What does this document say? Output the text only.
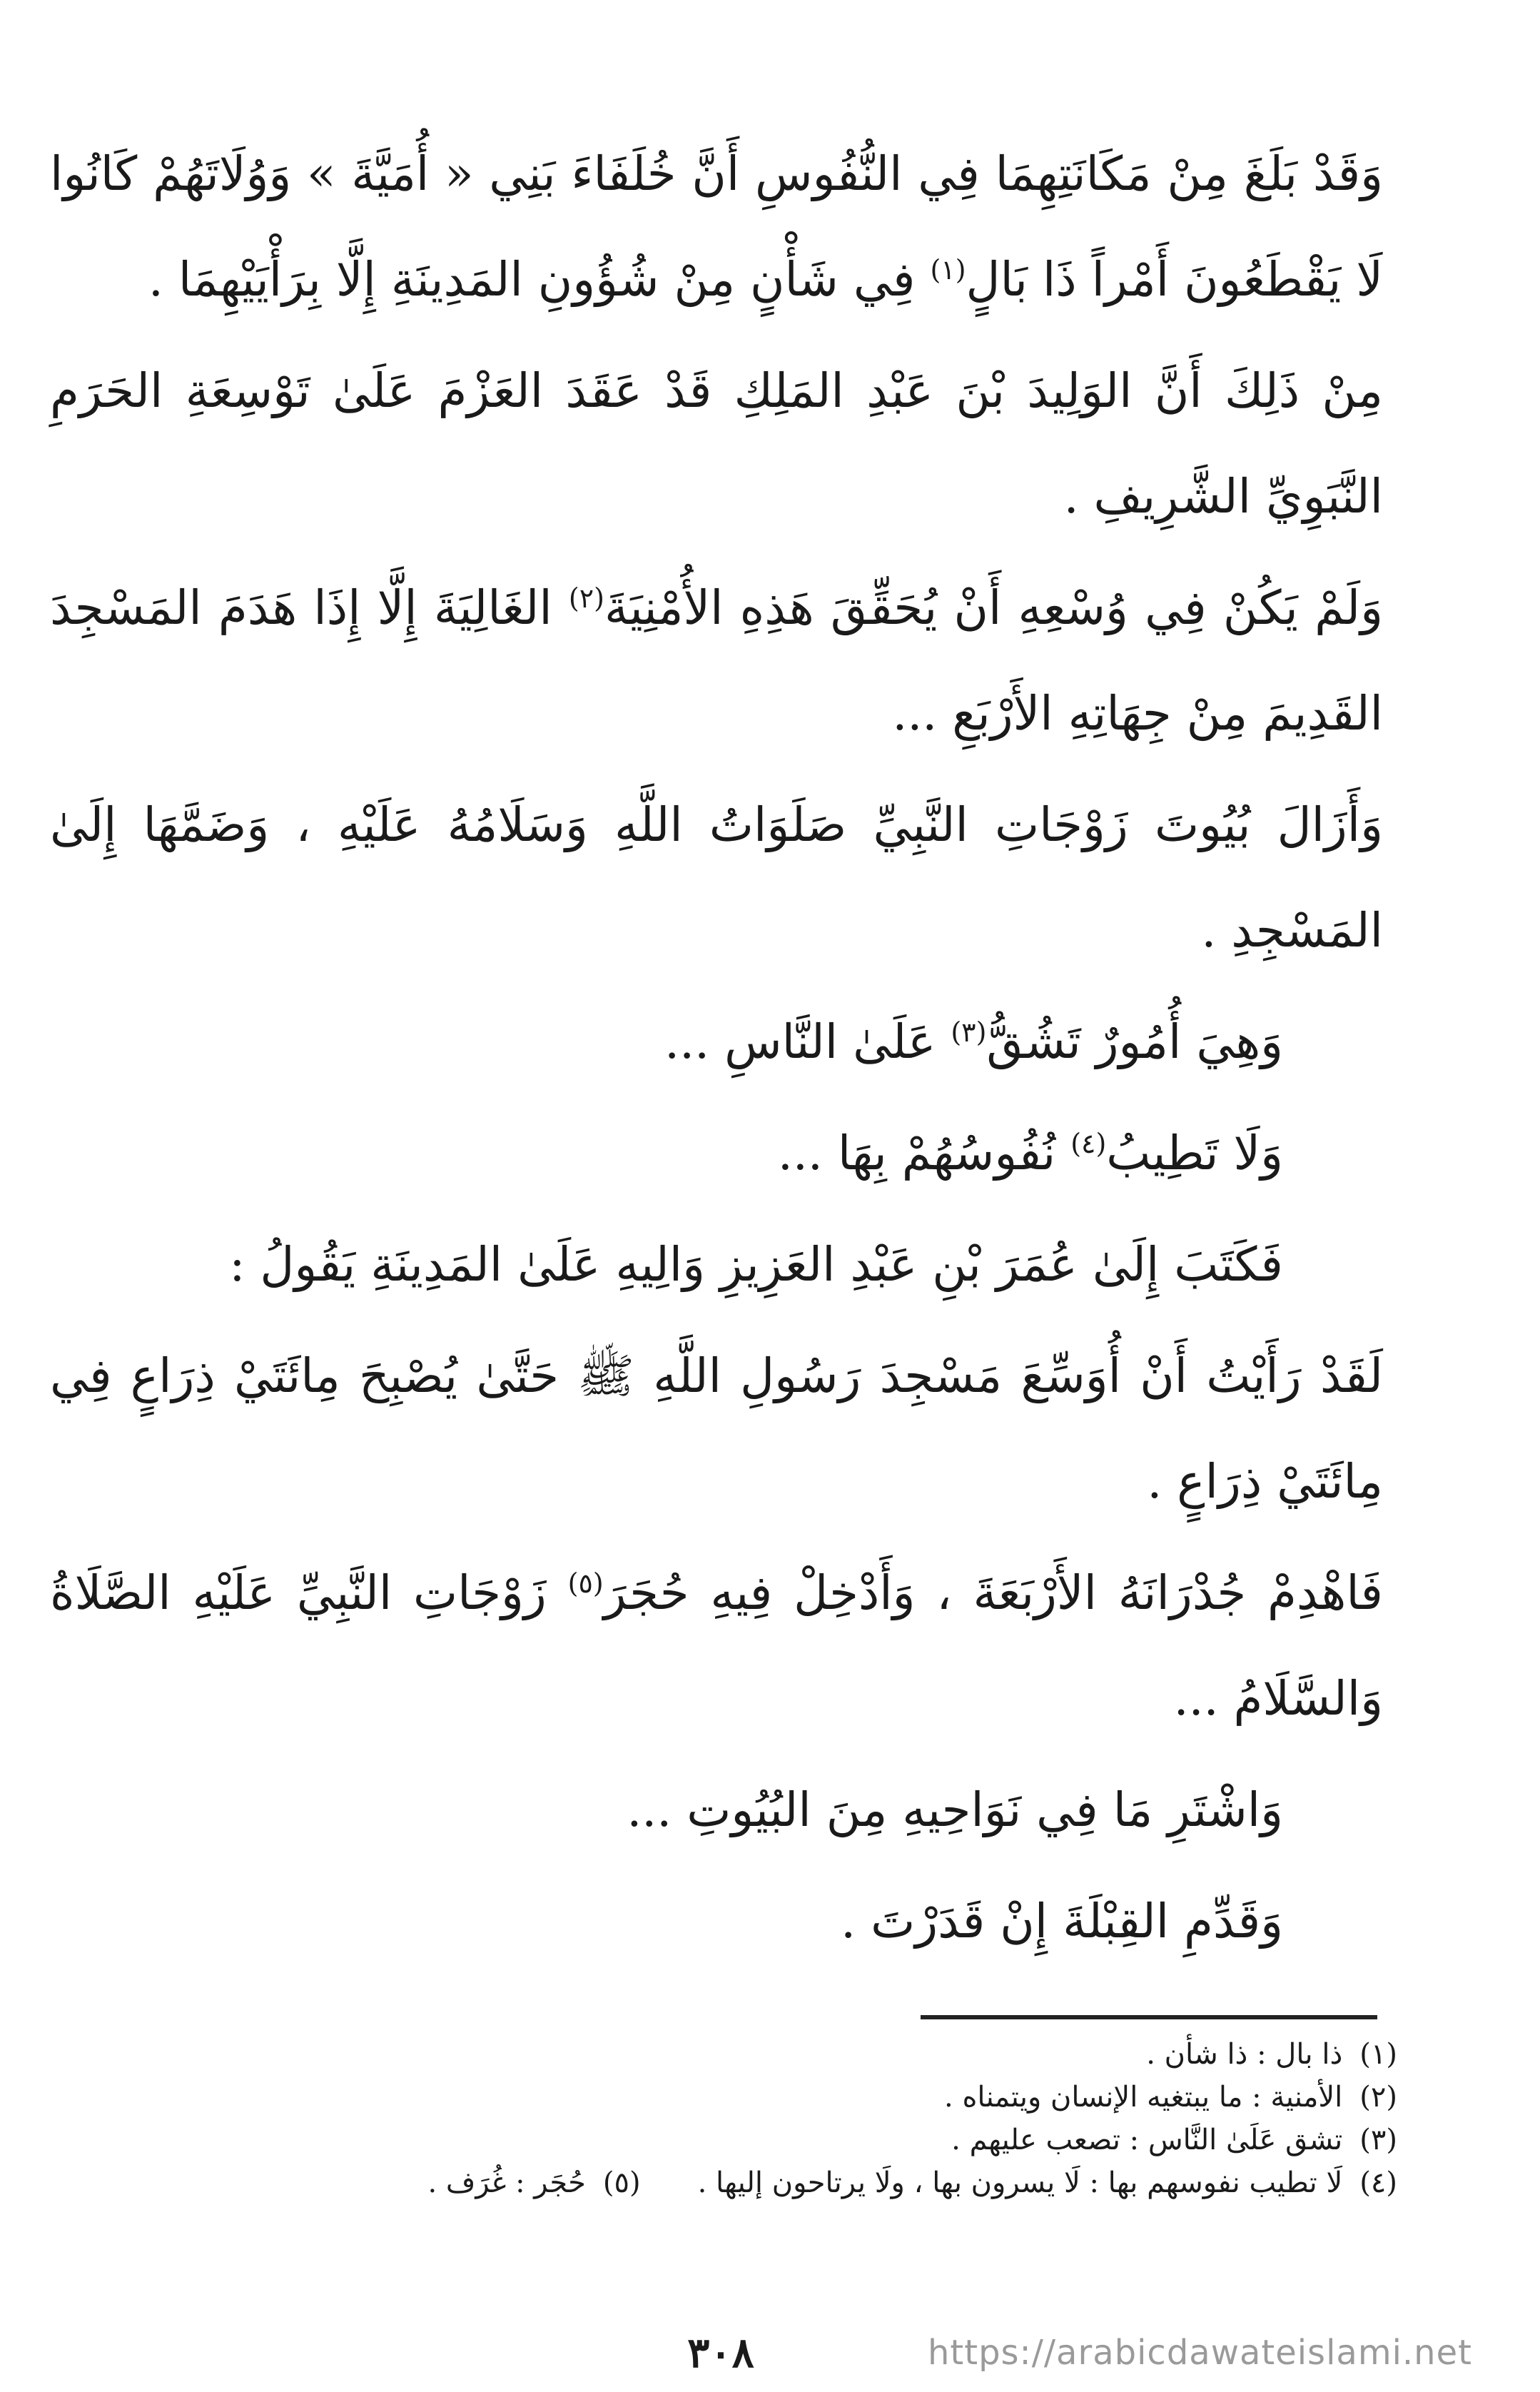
وَقَدْ بَلَغَ مِنْ مَكَانَتِهِمَا فِي النُّفُوسِ أَنَّ خُلَفَاءَ بَنِي « أُمَيَّةَ » وَوُلَاتَهُمْ كَانُوا لَا يَقْطَعُونَ أَمْراً ذَا بَالٍ$^{(١)}$ فِي شَأْنٍ مِنْ شُؤُونِ المَدِينَةِ إِلَّا بِرَأْيَيْهِمَا .

مِنْ ذَلِكَ أَنَّ الوَلِيدَ بْنَ عَبْدِ المَلِكِ قَدْ عَقَدَ العَزْمَ عَلَىٰ تَوْسِعَةِ الحَرَمِ النَّبَوِيِّ الشَّرِيفِ .

وَلَمْ يَكُنْ فِي وُسْعِهِ أَنْ يُحَقِّقَ هَذِهِ الأُمْنِيَةَ$^{(٢)}$ الغَالِيَةَ إِلَّا إِذَا هَدَمَ المَسْجِدَ القَدِيمَ مِنْ جِهَاتِهِ الأَرْبَعِ ...

وَأَزَالَ بُيُوتَ زَوْجَاتِ النَّبِيِّ صَلَوَاتُ اللَّهِ وَسَلَامُهُ عَلَيْهِ ، وَضَمَّهَا إِلَىٰ المَسْجِدِ .

وَهِيَ أُمُورٌ تَشُقُّ$^{(٣)}$ عَلَىٰ النَّاسِ ...

وَلَا تَطِيبُ$^{(٤)}$ نُفُوسُهُمْ بِهَا ...

فَكَتَبَ إِلَىٰ عُمَرَ بْنِ عَبْدِ العَزِيزِ وَالِيهِ عَلَىٰ المَدِينَةِ يَقُولُ :

لَقَدْ رَأَيْتُ أَنْ أُوَسِّعَ مَسْجِدَ رَسُولِ اللَّهِ ﷺ حَتَّىٰ يُصْبِحَ مِائَتَيْ ذِرَاعٍ فِي مِائَتَيْ ذِرَاعٍ .

فَاهْدِمْ جُدْرَانَهُ الأَرْبَعَةَ ، وَأَدْخِلْ فِيهِ حُجَرَ$^{(٥)}$ زَوْجَاتِ النَّبِيِّ عَلَيْهِ الصَّلَاةُ وَالسَّلَامُ ...

وَاشْتَرِ مَا فِي نَوَاحِيهِ مِنَ البُيُوتِ ...

وَقَدِّمِ القِبْلَةَ إِنْ قَدَرْتَ .

(١)ذا بال : ذا شأن .

(٢)الأمنية : ما يبتغيه الإنسان ويتمناه .

(٣)تشق عَلَىٰ النَّاس : تصعب عليهم .

(٤)لَا تطيب نفوسهم بها : لَا يسرون بها ، ولَا يرتاحون إليها .(٥)حُجَر : غُرَف .

٣٠٨	https://arabicdawateislami.net
